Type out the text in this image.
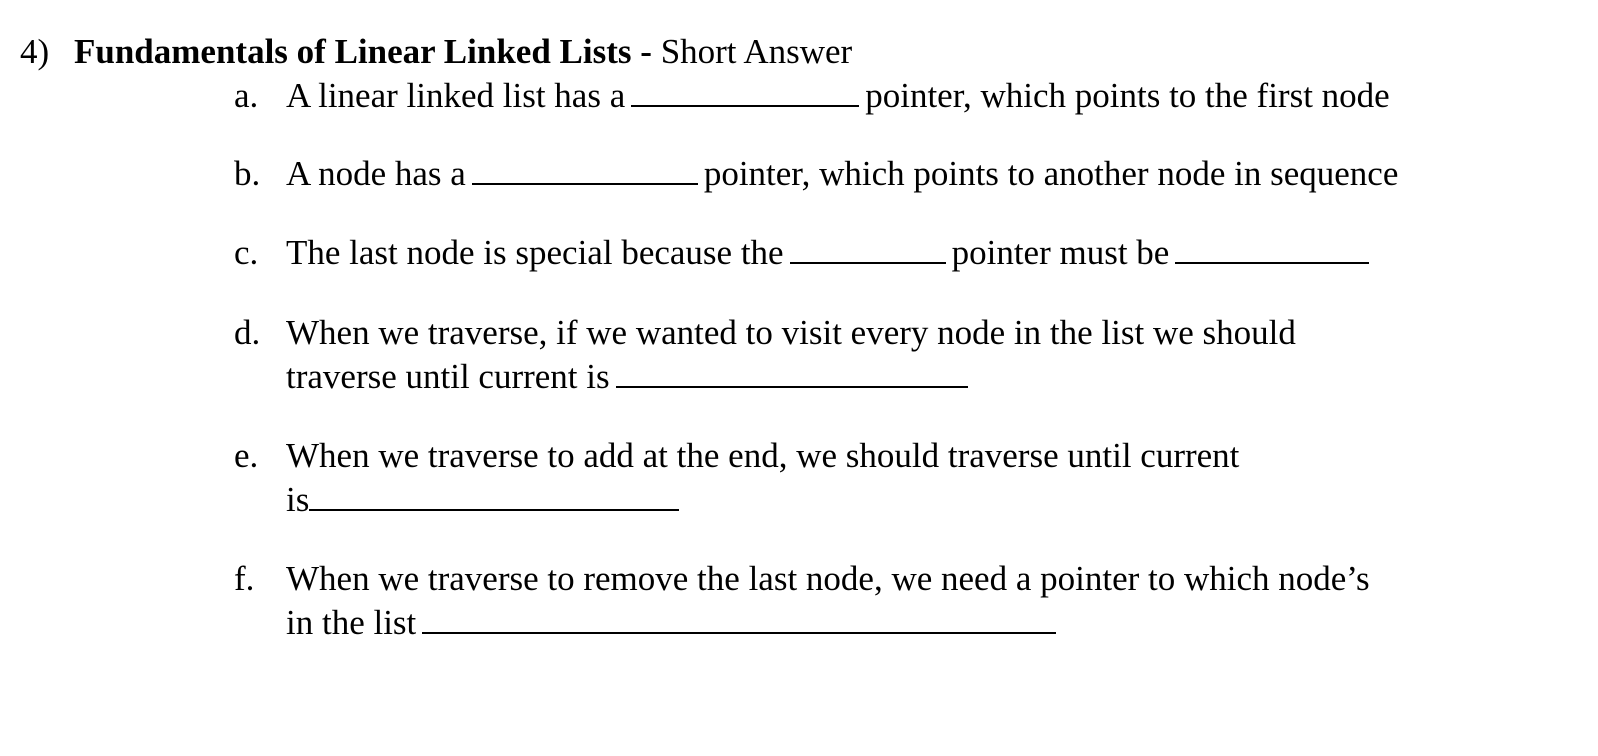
4) Fundamentals of Linear Linked Lists - Short Answer
a. A linear linked list has a	pointer, which points to the first node
b. A node has a	pointer, which points to another node in sequence
c. The last node is special because the	pointer must be
d. When we traverse, if we wanted to visit every node in the list we should
traverse until current is
e. When we traverse to add at the end, we should traverse until current
is
f. When we traverse to remove the last node, we need a pointer to which node’s
in the list
